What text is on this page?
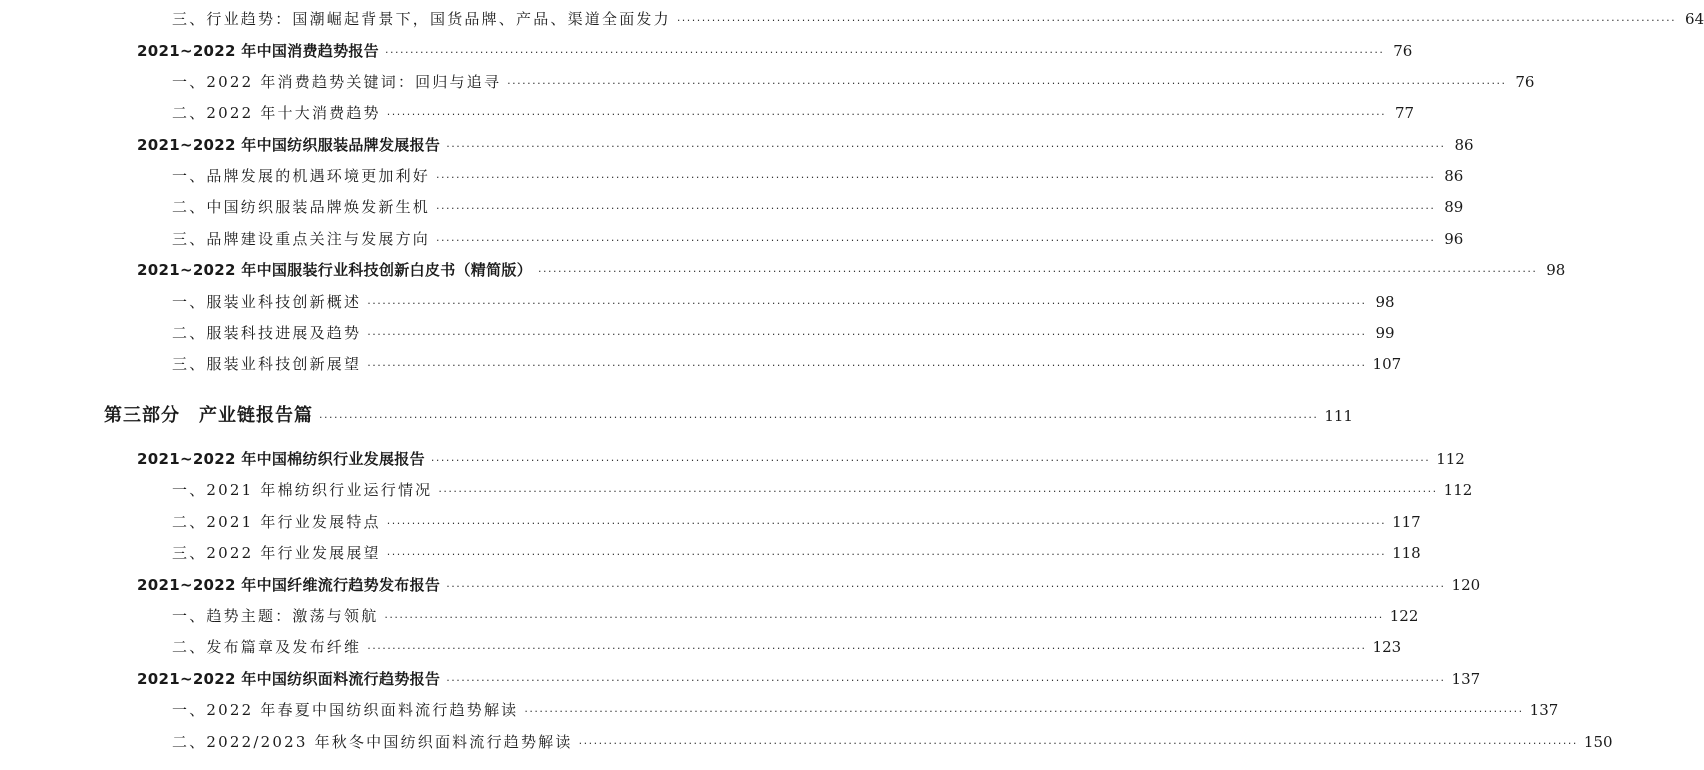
三、行业趋势：国潮崛起背景下，国货品牌、产品、渠道全面发力 ········································································································································································································ 64
2021~2022 年中国消费趋势报告 ········································································································································································································ 76
一、2022 年消费趋势关键词：回归与追寻 ········································································································································································································ 76
二、2022 年十大消费趋势 ········································································································································································································ 77
2021~2022 年中国纺织服装品牌发展报告 ········································································································································································································ 86
一、品牌发展的机遇环境更加利好 ········································································································································································································ 86
二、中国纺织服装品牌焕发新生机 ········································································································································································································ 89
三、品牌建设重点关注与发展方向 ········································································································································································································ 96
2021~2022 年中国服装行业科技创新白皮书（精简版） ········································································································································································································ 98
一、服装业科技创新概述 ········································································································································································································ 98
二、服装科技进展及趋势 ········································································································································································································ 99
三、服装业科技创新展望 ········································································································································································································ 107
第三部分　产业链报告篇 ········································································································································································································ 111
2021~2022 年中国棉纺织行业发展报告 ········································································································································································································ 112
一、2021 年棉纺织行业运行情况 ········································································································································································································ 112
二、2021 年行业发展特点 ········································································································································································································ 117
三、2022 年行业发展展望 ········································································································································································································ 118
2021~2022 年中国纤维流行趋势发布报告 ········································································································································································································ 120
一、趋势主题：激荡与领航 ········································································································································································································ 122
二、发布篇章及发布纤维 ········································································································································································································ 123
2021~2022 年中国纺织面料流行趋势报告 ········································································································································································································ 137
一、2022 年春夏中国纺织面料流行趋势解读 ········································································································································································································ 137
二、2022/2023 年秋冬中国纺织面料流行趋势解读 ········································································································································································································ 150
